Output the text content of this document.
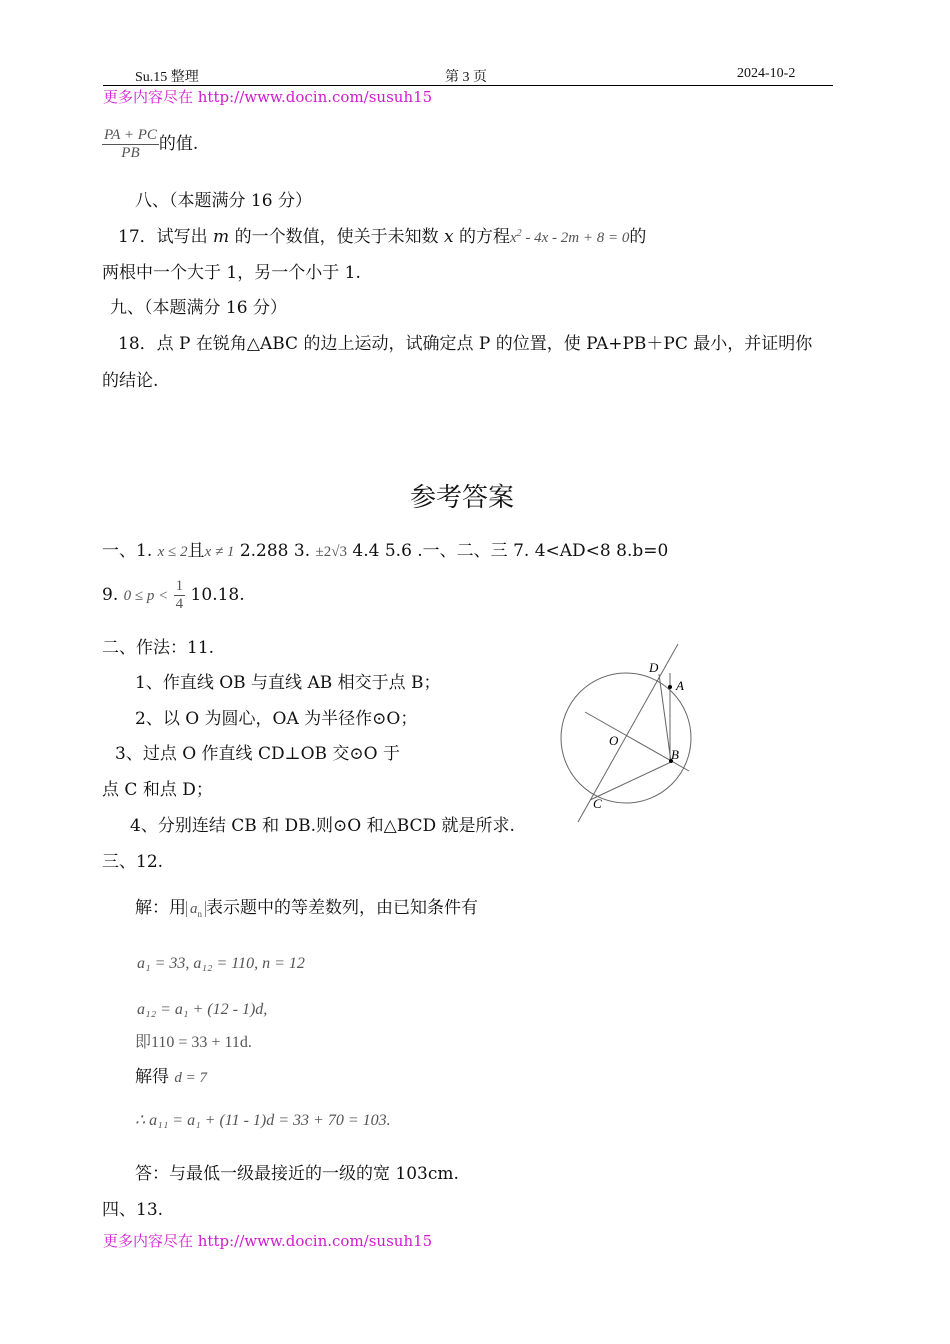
Su.15 整理	第 3 页	2024-10-2
更多内容尽在 http://www.docin.com/susuh15
$\frac{PA + PC}{PB}$ 的值.
八、（本题满分 16 分）
17．试写出 m 的一个数值，使关于未知数 x 的方程$x^2 - 4x - 2m + 8 = 0$的
两根中一个大于 1，另一个小于 1.
九、（本题满分 16 分）
18．点 P 在锐角△ABC 的边上运动，试确定点 P 的位置，使 PA+PB＋PC 最小，并证明你
的结论.
参考答案
一、1. x ≤ 2且x ≠ 1 2.288 3. ±2√3 4.4 5.6 .一、二、三 7. 4<AD<8 8.b=0
9. $0 \le p < \frac{1}{4} 10.18$.
二、作法：11.
1、作直线 OB 与直线 AB 相交于点 B；
2、以 O 为圆心，OA 为半径作⊙O；
3、过点 O 作直线 CD⊥OB 交⊙O 于
点 C 和点 D；
4、分别连结 CB 和 DB.则⊙O 和△BCD 就是所求.
D
A
O
B
C
三、12.
解：用 $a_n$ 表示题中的等差数列，由已知条件有
a₁ = 33, a₁₂ = 110, n = 12
a₁₂ = a₁ + (12 - 1)d,
即110 = 33 + 11d.
解得 d = 7
∴ a₁₁ = a₁ + (11 - 1)d = 33 + 70 = 103.
答：与最低一级最接近的一级的宽 103cm.
四、13.
更多内容尽在 http://www.docin.com/susuh15
